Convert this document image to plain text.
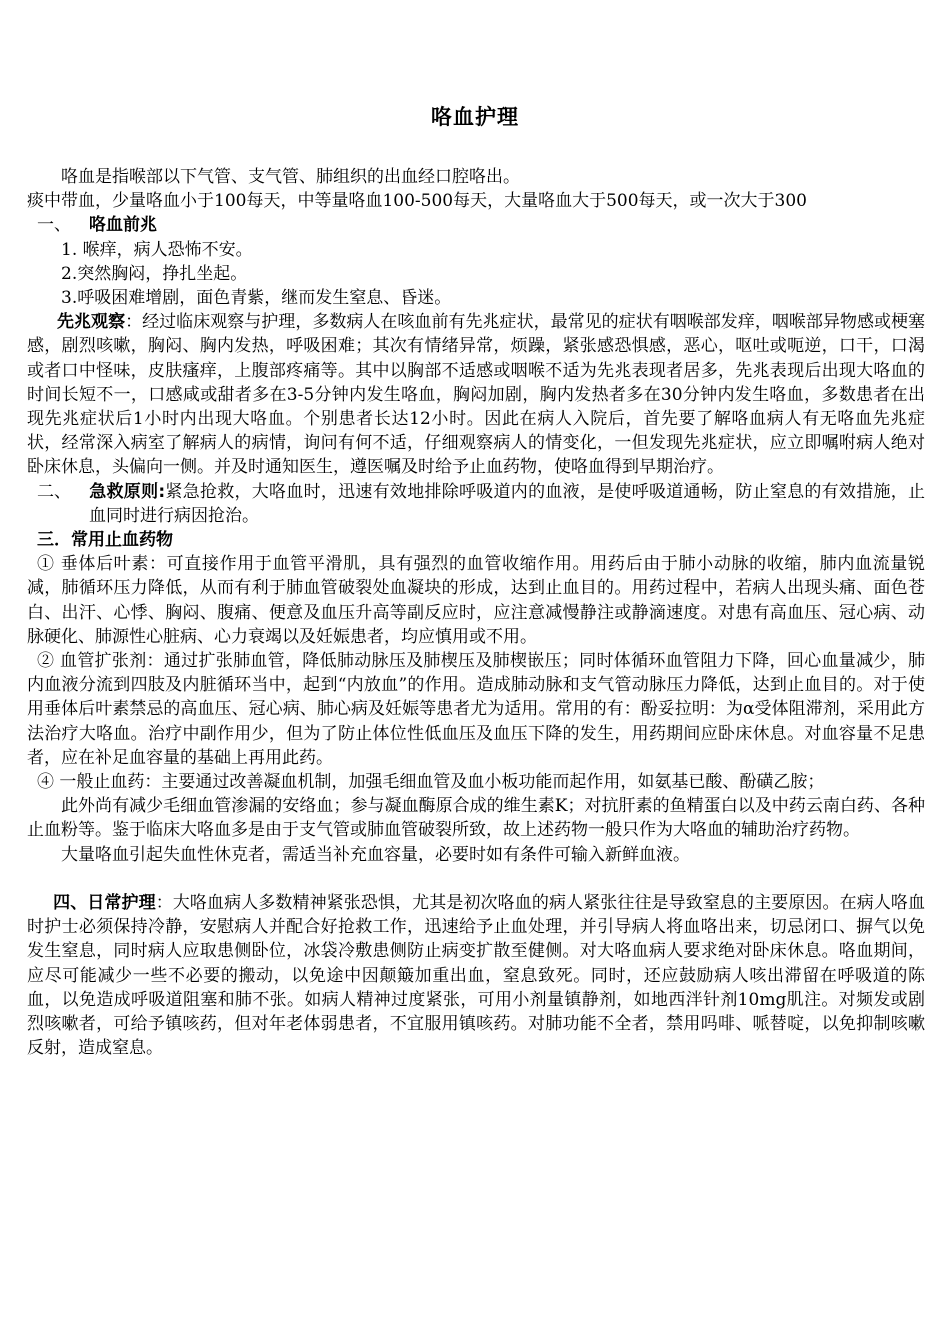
咯血护理

咯血是指喉部以下气管、支气管、肺组织的出血经口腔咯出。

痰中带血，少量咯血小于100每天，中等量咯血100-500每天，大量咯血大于500每天，或一次大于300

一、	咯血前兆

1. 喉痒，病人恐怖不安。

2.突然胸闷，挣扎坐起。

3.呼吸困难增剧，面色青紫，继而发生窒息、昏迷。

先兆观察：经过临床观察与护理，多数病人在咳血前有先兆症状，最常见的症状有咽喉部发痒，咽喉部异物感或梗塞感，剧烈咳嗽，胸闷、胸内发热，呼吸困难；其次有情绪异常，烦躁，紧张感恐惧感，恶心，呕吐或呃逆，口干，口渴或者口中怪味，皮肤瘙痒，上腹部疼痛等。其中以胸部不适感或咽喉不适为先兆表现者居多，先兆表现后出现大咯血的时间长短不一，口感咸或甜者多在3-5分钟内发生咯血，胸闷加剧，胸内发热者多在30分钟内发生咯血，多数患者在出现先兆症状后1小时内出现大咯血。个别患者长达12小时。因此在病人入院后，首先要了解咯血病人有无咯血先兆症状，经常深入病室了解病人的病情，询问有何不适，仔细观察病人的情变化，一但发现先兆症状，应立即嘱咐病人绝对卧床休息，头偏向一侧。并及时通知医生，遵医嘱及时给予止血药物，使咯血得到早期治疗。

二、 急救原则:紧急抢救，大咯血时，迅速有效地排除呼吸道内的血液，是使呼吸道通畅，防止窒息的有效措施，止血同时进行病因抢治。

三．常用止血药物

① 垂体后叶素：可直接作用于血管平滑肌，具有强烈的血管收缩作用。用药后由于肺小动脉的收缩，肺内血流量锐减，肺循环压力降低，从而有利于肺血管破裂处血凝块的形成，达到止血目的。用药过程中，若病人出现头痛、面色苍白、出汗、心悸、胸闷、腹痛、便意及血压升高等副反应时，应注意减慢静注或静滴速度。对患有高血压、冠心病、动脉硬化、肺源性心脏病、心力衰竭以及妊娠患者，均应慎用或不用。

② 血管扩张剂：通过扩张肺血管，降低肺动脉压及肺楔压及肺楔嵌压；同时体循环血管阻力下降，回心血量减少，肺内血液分流到四肢及内脏循环当中，起到“内放血”的作用。造成肺动脉和支气管动脉压力降低，达到止血目的。对于使用垂体后叶素禁忌的高血压、冠心病、肺心病及妊娠等患者尤为适用。常用的有：酚妥拉明：为α受体阻滞剂，采用此方法治疗大咯血。治疗中副作用少，但为了防止体位性低血压及血压下降的发生，用药期间应卧床休息。对血容量不足患者，应在补足血容量的基础上再用此药。

④ 一般止血药：主要通过改善凝血机制，加强毛细血管及血小板功能而起作用，如氨基已酸、酚磺乙胺；

此外尚有减少毛细血管渗漏的安络血；参与凝血酶原合成的维生素K；对抗肝素的鱼精蛋白以及中药云南白药、各种止血粉等。鉴于临床大咯血多是由于支气管或肺血管破裂所致，故上述药物一般只作为大咯血的辅助治疗药物。

大量咯血引起失血性休克者，需适当补充血容量，必要时如有条件可输入新鲜血液。

四、日常护理：大咯血病人多数精神紧张恐惧，尤其是初次咯血的病人紧张往往是导致窒息的主要原因。在病人咯血时护士必须保持冷静，安慰病人并配合好抢救工作，迅速给予止血处理，并引导病人将血咯出来，切忌闭口、摒气以免发生窒息，同时病人应取患侧卧位，冰袋冷敷患侧防止病变扩散至健侧。对大咯血病人要求绝对卧床休息。咯血期间，应尽可能减少一些不必要的搬动，以免途中因颠簸加重出血，窒息致死。同时，还应鼓励病人咳出滞留在呼吸道的陈血，以免造成呼吸道阻塞和肺不张。如病人精神过度紧张，可用小剂量镇静剂，如地西泮针剂10mg肌注。对频发或剧烈咳嗽者，可给予镇咳药，但对年老体弱患者，不宜服用镇咳药。对肺功能不全者，禁用吗啡、哌替啶，以免抑制咳嗽反射，造成窒息。
